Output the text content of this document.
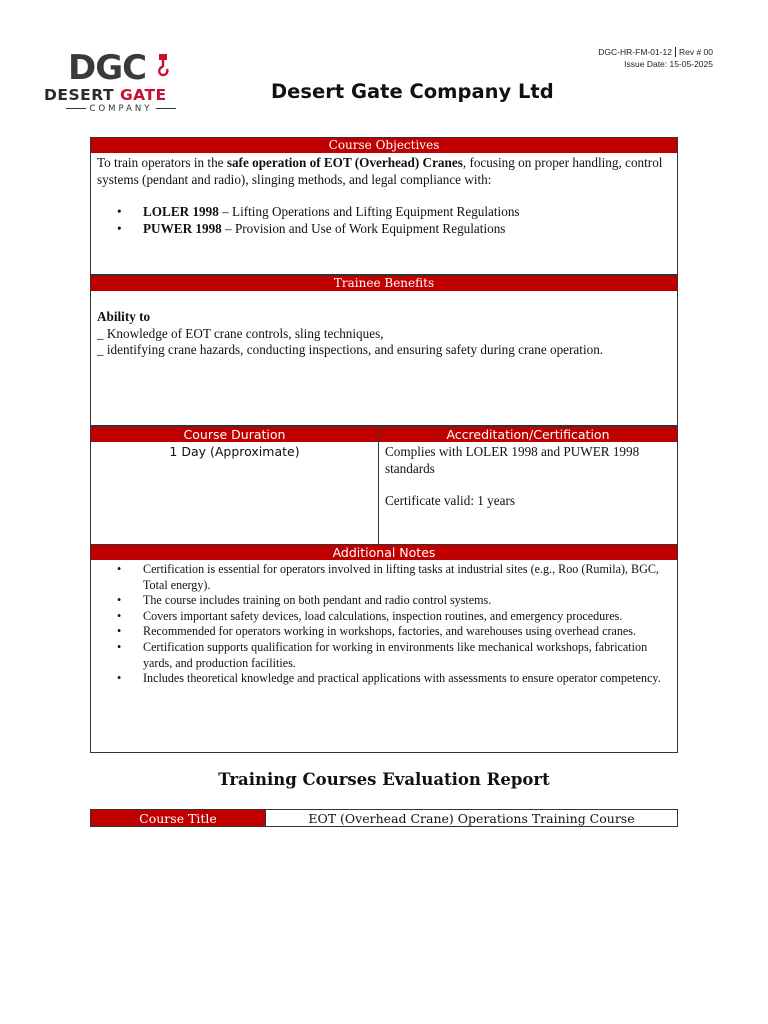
DGC
DESERT GATE
COMPANY
Desert Gate Company Ltd
DGC-HR-FM-01-12 Rev # 00
Issue Date: 15-05-2025
Course Objectives
To train operators in the safe operation of EOT (Overhead) Cranes, focusing on proper handling, control systems (pendant and radio), slinging methods, and legal compliance with:
• LOLER 1998 – Lifting Operations and Lifting Equipment Regulations
• PUWER 1998 – Provision and Use of Work Equipment Regulations
Trainee Benefits
Ability to
_ Knowledge of EOT crane controls, sling techniques,
_ identifying crane hazards, conducting inspections, and ensuring safety during crane operation.
Course Duration
1 Day (Approximate)
Accreditation/Certification
Complies with LOLER 1998 and PUWER 1998 standards
Certificate valid: 1 years
Additional Notes
• Certification is essential for operators involved in lifting tasks at industrial sites (e.g., Roo (Rumila), BGC, Total energy).
• The course includes training on both pendant and radio control systems.
• Covers important safety devices, load calculations, inspection routines, and emergency procedures.
• Recommended for operators working in workshops, factories, and warehouses using overhead cranes.
• Certification supports qualification for working in environments like mechanical workshops, fabrication yards, and production facilities.
• Includes theoretical knowledge and practical applications with assessments to ensure operator competency.
Training Courses Evaluation Report
Course Title	EOT (Overhead Crane) Operations Training Course
